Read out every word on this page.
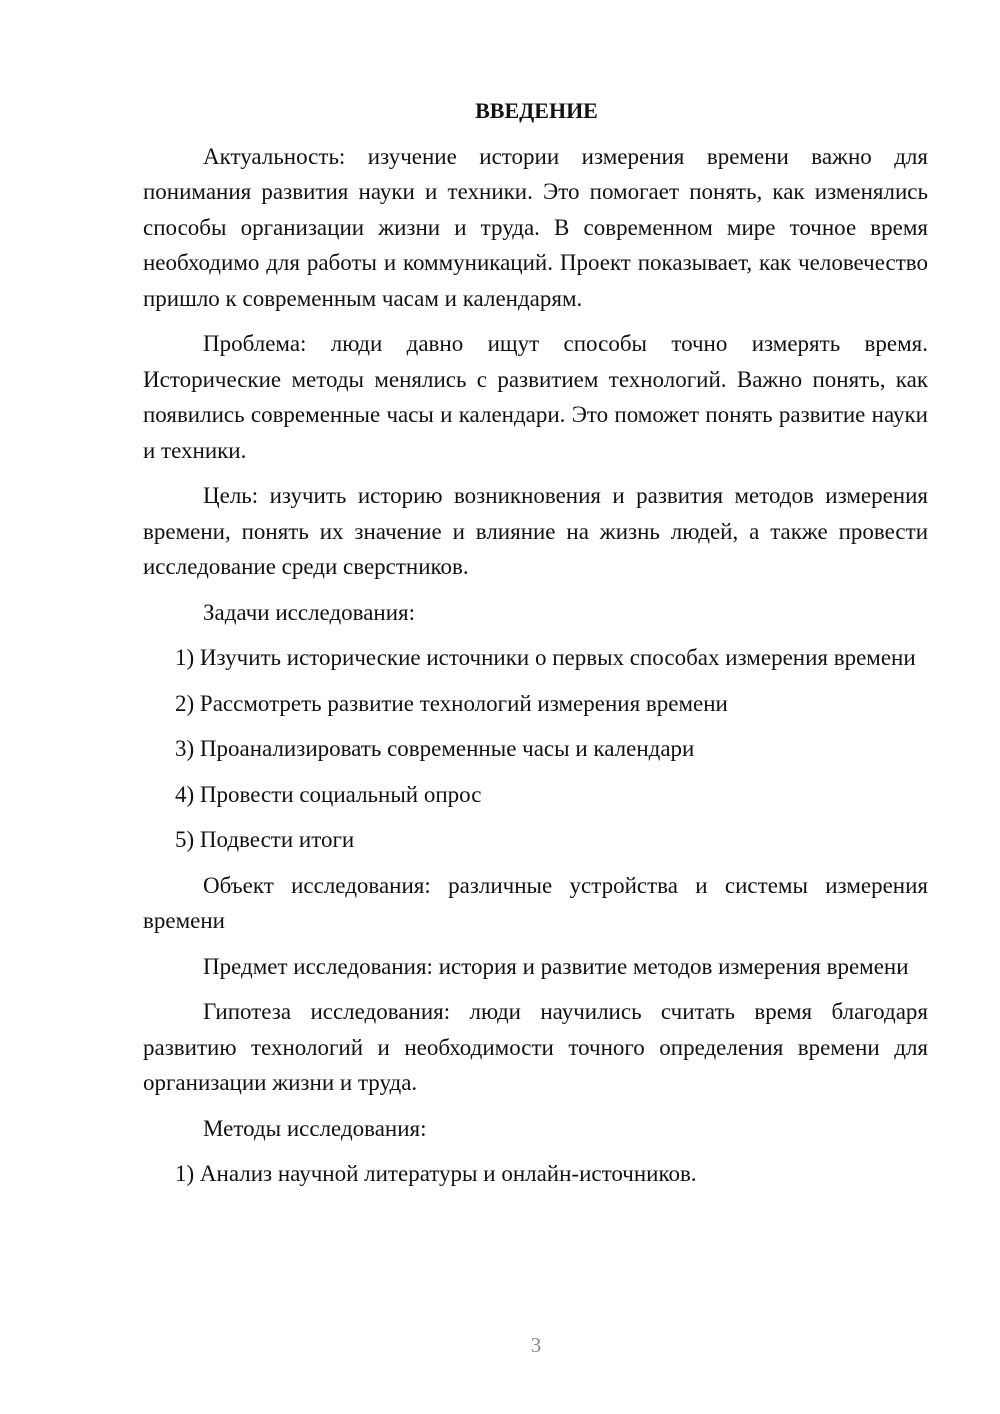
ВВЕДЕНИЕ

Актуальность: изучение истории измерения времени важно для понимания развития науки и техники. Это помогает понять, как изменялись способы организации жизни и труда. В современном мире точное время необходимо для работы и коммуникаций. Проект показывает, как человечество пришло к современным часам и календарям.

Проблема: люди давно ищут способы точно измерять время. Исторические методы менялись с развитием технологий. Важно понять, как появились современные часы и календари. Это поможет понять развитие науки и техники.

Цель: изучить историю возникновения и развития методов измерения времени, понять их значение и влияние на жизнь людей, а также провести исследование среди сверстников.

Задачи исследования:

1) Изучить исторические источники о первых способах измерения времени

2) Рассмотреть развитие технологий измерения времени

3) Проанализировать современные часы и календари

4) Провести социальный опрос

5) Подвести итоги

Объект исследования: различные устройства и системы измерения времени

Предмет исследования: история и развитие методов измерения времени

Гипотеза исследования: люди научились считать время благодаря развитию технологий и необходимости точного определения времени для организации жизни и труда.

Методы исследования:

1) Анализ научной литературы и онлайн-источников.

3
